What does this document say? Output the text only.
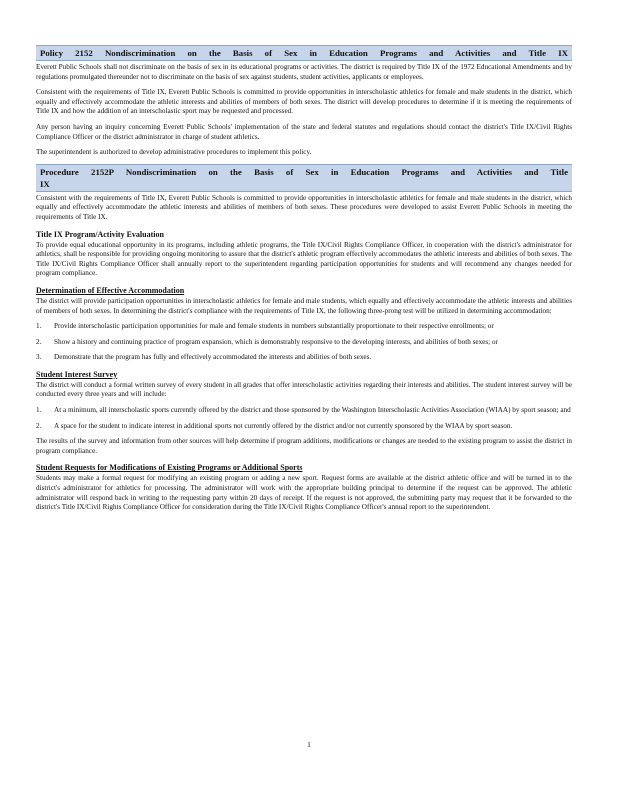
Policy 2152 Nondiscrimination on the Basis of Sex in Education Programs and Activities and Title IX

Everett Public Schools shall not discriminate on the basis of sex in its educational programs or activities. The district is required by Title IX of the 1972 Educational Amendments and by regulations promulgated thereunder not to discriminate on the basis of sex against students, student activities, applicants or employees.

Consistent with the requirements of Title IX, Everett Public Schools is committed to provide opportunities in interscholastic athletics for female and male students in the district, which equally and effectively accommodate the athletic interests and abilities of members of both sexes. The district will develop procedures to determine if it is meeting the requirements of Title IX and how the addition of an interscholastic sport may be requested and processed.

Any person having an inquiry concerning Everett Public Schools' implementation of the state and federal statutes and regulations should contact the district's Title IX/Civil Rights Compliance Officer or the district administrator in charge of student athletics.

The superintendent is authorized to develop administrative procedures to implement this policy.

Procedure 2152P Nondiscrimination on the Basis of Sex in Education Programs and Activities and Title
IX

Consistent with the requirements of Title IX, Everett Public Schools is committed to provide opportunities in interscholastic athletics for female and male students in the district, which equally and effectively accommodate the athletic interests and abilities of members of both sexes. These procedures were developed to assist Everett Public Schools in meeting the requirements of Title IX.

Title IX Program/Activity Evaluation

To provide equal educational opportunity in its programs, including athletic programs, the Title IX/Civil Rights Compliance Officer, in cooperation with the district's administrator for athletics, shall be responsible for providing ongoing monitoring to assure that the district's athletic program effectively accommodates the athletic interests and abilities of both sexes. The Title IX/Civil Rights Compliance Officer shall annually report to the superintendent regarding participation opportunities for students and will recommend any changes needed for program compliance.

Determination of Effective Accommodation

The district will provide participation opportunities in interscholastic athletics for female and male students, which equally and effectively accommodate the athletic interests and abilities of members of both sexes. In determining the district's compliance with the requirements of Title IX, the following three-prong test will be utilized in determining accommodation:

1.	Provide interscholastic participation opportunities for male and female students in numbers substantially proportionate to their respective enrollments; or
2.	Show a history and continuing practice of program expansion, which is demonstrably responsive to the developing interests, and abilities of both sexes; or
3.	Demonstrate that the program has fully and effectively accommodated the interests and abilities of both sexes.
Student Interest Survey

The district will conduct a formal written survey of every student in all grades that offer interscholastic activities regarding their interests and abilities. The student interest survey will be conducted every three years and will include:

1.	At a minimum, all interscholastic sports currently offered by the district and those sponsored by the Washington Interscholastic Activities Association (WIAA) by sport season; and
2.	A space for the student to indicate interest in additional sports not currently offered by the district and/or not currently sponsored by the WIAA by sport season.

The results of the survey and information from other sources will help determine if program additions, modifications or changes are needed to the existing program to assist the district in program compliance.

Student Requests for Modifications of Existing Programs or Additional Sports

Students may make a formal request for modifying an existing program or adding a new sport. Request forms are available at the district athletic office and will be turned in to the district's administrator for athletics for processing. The administrator will work with the appropriate building principal to determine if the request can be approved. The athletic administrator will respond back in writing to the requesting party within 20 days of receipt. If the request is not approved, the submitting party may request that it be forwarded to the district's Title IX/Civil Rights Compliance Officer for consideration during the Title IX/Civil Rights Compliance Officer's annual report to the superintendent.

1
